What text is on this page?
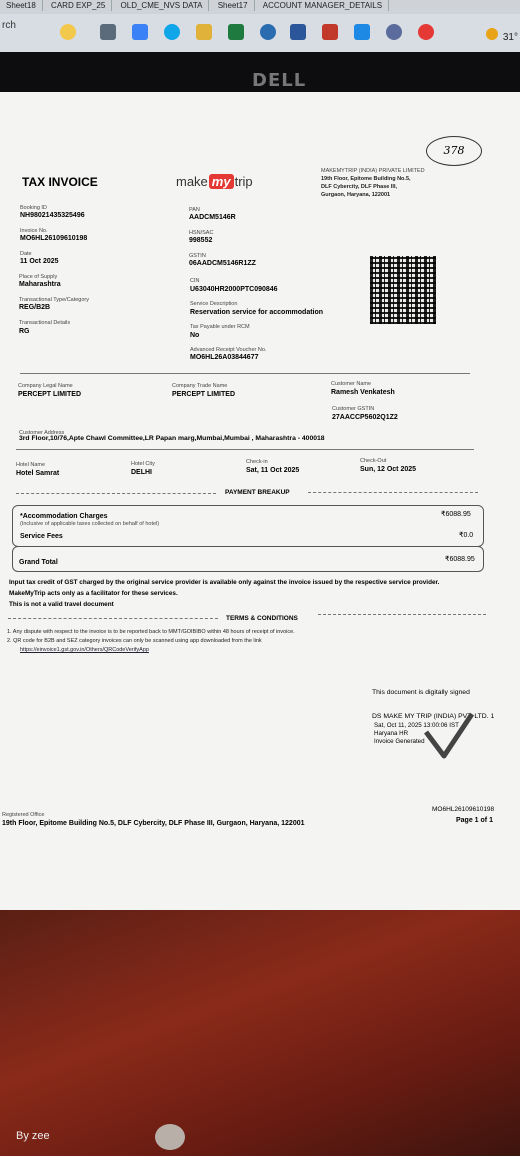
Sheet18 CARD EXP_25 OLD_CME_NVS DATA Sheet17 ACCOUNT MANAGER_DETAILS
rch
31°
DELL
378
TAX INVOICE	make my trip
MAKEMYTRIP (INDIA) PRIVATE LIMITED
19th Floor, Epitome Building No.5,
DLF Cybercity, DLF Phase III,
Gurgaon, Haryana, 122001
Booking ID
NH98021435325496
Invoice No.
MO6HL26109610198
Date
11 Oct 2025
Place of Supply
Maharashtra
Transactional Type/Category
REG/B2B
Transactional Details
RG
PAN
AADCM5146R
HSN/SAC
998552
GSTIN
06AADCM5146R1ZZ
CIN
U63040HR2000PTC090846
Service Description
Reservation service for accommodation
Tax Payable under RCM
No
Advanced Receipt Voucher No.
MO6HL26A03844677
Company Legal Name
PERCEPT LIMITED
Company Trade Name
PERCEPT LIMITED
Customer Name
Ramesh Venkatesh
Customer GSTIN
27AACCP5602Q1Z2
Customer Address
3rd Floor,10/76,Apte Chawl Committee,LR Papan marg,Mumbai,Mumbai , Maharashtra - 400018
Hotel Name
Hotel Samrat
Hotel City
DELHI
Check-in
Sat, 11 Oct 2025
Check-Out
Sun, 12 Oct 2025
PAYMENT BREAKUP
*Accommodation Charges
(Inclusive of applicable taxes collected on behalf of hotel)
₹6088.95
Service Fees	₹0.0
Grand Total	₹6088.95
Input tax credit of GST charged by the original service provider is available only against the invoice issued by the respective service provider.
MakeMyTrip acts only as a facilitator for these services.
This is not a valid travel document
TERMS & CONDITIONS
1. Any dispute with respect to the invoice is to be reported back to MMT/GOIBIBO within 48 hours of receipt of invoice.
2. QR code for B2B and SEZ category invoices can only be scanned using app downloaded from the link
https://einvoice1.gst.gov.in/Others/QRCodeVerifyApp
This document is digitally signed
DS MAKE MY TRIP (INDIA) PVT. LTD. 1
Sat, Oct 11, 2025 13:00:06 IST
Haryana HR
Invoice Generated
Registered Office
19th Floor, Epitome Building No.5, DLF Cybercity, DLF Phase III, Gurgaon, Haryana, 122001
MO6HL26109610198
Page 1 of 1
By zee
